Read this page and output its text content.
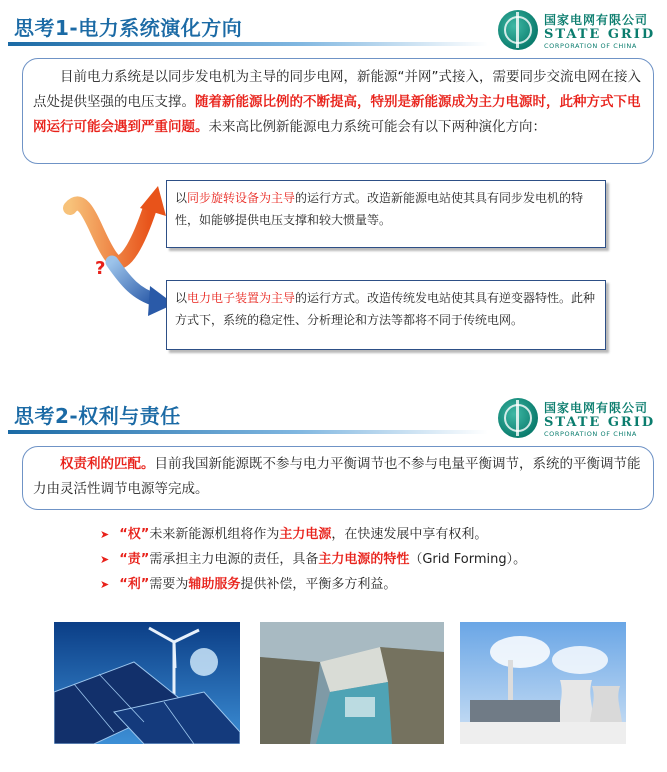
思考1-电力系统演化方向	国家电网有限公司
STATE GRID
CORPORATION OF CHINA
目前电力系统是以同步发电机为主导的同步电网，新能源“并网”式接入，需要同步交流电网在接入点处提供坚强的电压支撑。随着新能源比例的不断提高，特别是新能源成为主力电源时，此种方式下电网运行可能会遇到严重问题。未来高比例新能源电力系统可能会有以下两种演化方向：
?
以同步旋转设备为主导的运行方式。改造新能源电站使其具有同步发电机的特性，如能够提供电压支撑和较大惯量等。
以电力电子装置为主导的运行方式。改造传统发电站使其具有逆变器特性。此种方式下，系统的稳定性、分析理论和方法等都将不同于传统电网。
思考2-权利与责任	国家电网有限公司
STATE GRID
CORPORATION OF CHINA
权责利的匹配。目前我国新能源既不参与电力平衡调节也不参与电量平衡调节，系统的平衡调节能力由灵活性调节电源等完成。
➤ “权” 未来新能源机组将作为 主力电源 ，在快速发展中享有权利。
➤ “责” 需承担主力电源的责任，具备 主力电源的特性 （Grid Forming）。
➤ “利” 需要为 辅助服务 提供补偿，平衡多方利益。
